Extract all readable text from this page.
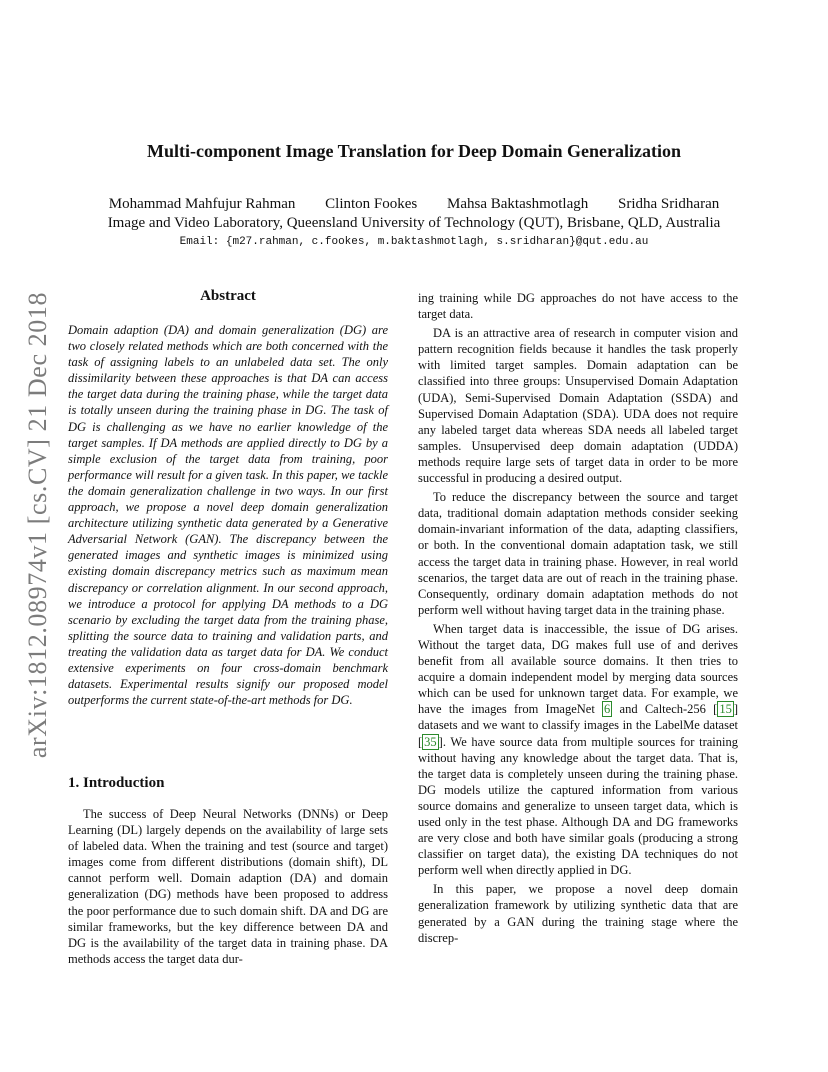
arXiv:1812.08974v1 [cs.CV] 21 Dec 2018
Multi-component Image Translation for Deep Domain Generalization
Mohammad Mahfujur Rahman Clinton Fookes Mahsa Baktashmotlagh Sridha Sridharan
Image and Video Laboratory, Queensland University of Technology (QUT), Brisbane, QLD, Australia
Email: {m27.rahman, c.fookes, m.baktashmotlagh, s.sridharan}@qut.edu.au
Abstract
Domain adaption (DA) and domain generalization (DG) are two closely related methods which are both concerned with the task of assigning labels to an unlabeled data set. The only dissimilarity between these approaches is that DA can access the target data during the training phase, while the target data is totally unseen during the training phase in DG. The task of DG is challenging as we have no earlier knowledge of the target samples. If DA methods are applied directly to DG by a simple exclusion of the target data from training, poor performance will result for a given task. In this paper, we tackle the domain generalization challenge in two ways. In our first approach, we propose a novel deep domain generalization architecture utilizing synthetic data generated by a Generative Adversarial Network (GAN). The discrepancy between the generated images and synthetic images is minimized using existing domain discrepancy metrics such as maximum mean discrepancy or correlation alignment. In our second approach, we introduce a protocol for applying DA methods to a DG scenario by excluding the target data from the training phase, splitting the source data to training and validation parts, and treating the validation data as target data for DA. We conduct extensive experiments on four cross-domain benchmark datasets. Experimental results signify our proposed model outperforms the current state-of-the-art methods for DG.
1. Introduction

The success of Deep Neural Networks (DNNs) or Deep Learning (DL) largely depends on the availability of large sets of labeled data. When the training and test (source and target) images come from different distributions (domain shift), DL cannot perform well. Domain adaption (DA) and domain generalization (DG) methods have been proposed to address the poor performance due to such domain shift. DA and DG are similar frameworks, but the key difference between DA and DG is the availability of the target data in training phase. DA methods access the target data dur-

ing training while DG approaches do not have access to the target data.

DA is an attractive area of research in computer vision and pattern recognition fields because it handles the task properly with limited target samples. Domain adaptation can be classified into three groups: Unsupervised Domain Adaptation (UDA), Semi-Supervised Domain Adaptation (SSDA) and Supervised Domain Adaptation (SDA). UDA does not require any labeled target data whereas SDA needs all labeled target samples. Unsupervised deep domain adaptation (UDDA) methods require large sets of target data in order to be more successful in producing a desired output.

To reduce the discrepancy between the source and target data, traditional domain adaptation methods consider seeking domain-invariant information of the data, adapting classifiers, or both. In the conventional domain adaptation task, we still access the target data in training phase. However, in real world scenarios, the target data are out of reach in the training phase. Consequently, ordinary domain adaptation methods do not perform well without having target data in the training phase.

When target data is inaccessible, the issue of DG arises. Without the target data, DG makes full use of and derives benefit from all available source domains. It then tries to acquire a domain independent model by merging data sources which can be used for unknown target data. For example, we have the images from ImageNet 6 and Caltech-256 [ 15 ] datasets and we want to classify images in the LabelMe dataset [ 35 ]. We have source data from multiple sources for training without having any knowledge about the target data. That is, the target data is completely unseen during the training phase. DG models utilize the captured information from various source domains and generalize to unseen target data, which is used only in the test phase. Although DA and DG frameworks are very close and both have similar goals (producing a strong classifier on target data), the existing DA techniques do not perform well when directly applied in DG.

In this paper, we propose a novel deep domain generalization framework by utilizing synthetic data that are generated by a GAN during the training stage where the discrep-
